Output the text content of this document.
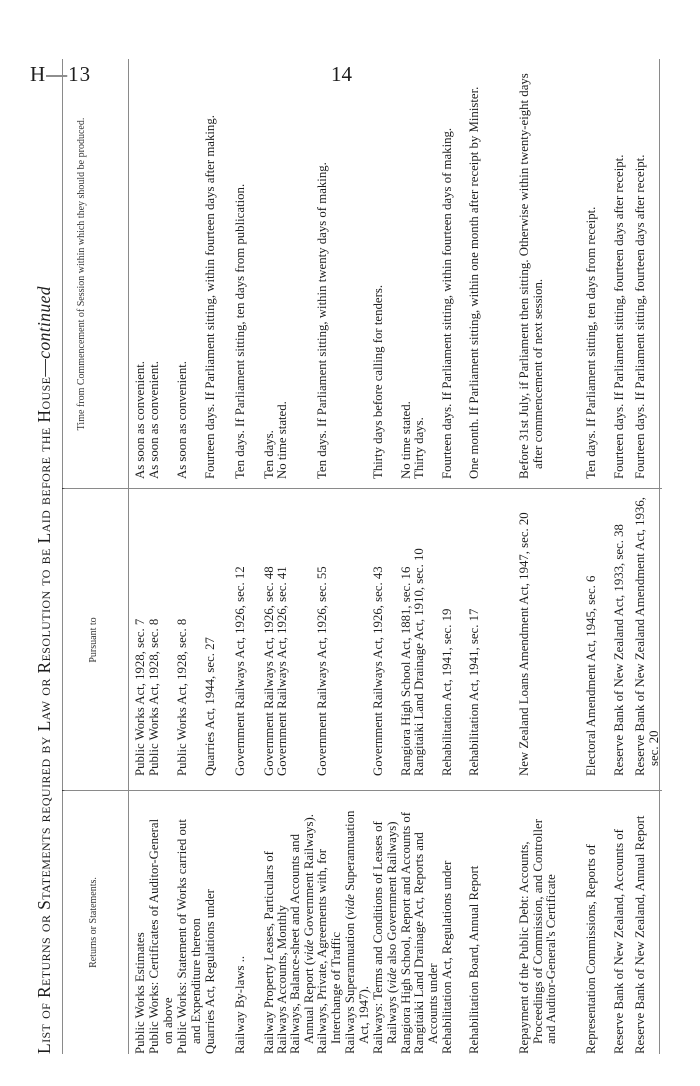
H—13	14
List of Returns or Statements required by Law or Resolution to be Laid before the House—continued
Returns or Statements.
Pursuant to
Time from Commencement of Session within which they should be produced.
Public Works Estimates
Public Works Act, 1928, sec. 7
As soon as convenient.
Public Works: Certificates of Auditor-General on above
Public Works Act, 1928, sec. 8
As soon as convenient.
Public Works: Statement of Works carried out and Expenditure thereon
Public Works Act, 1928, sec. 8
As soon as convenient.
Quarries Act, Regulations under
Quarries Act, 1944, sec. 27
Fourteen days. If Parliament sitting, within fourteen days after making.
Railway By-laws ..
Government Railways Act, 1926, sec. 12
Ten days. If Parliament sitting, ten days from publication.
Railway Property Leases, Particulars of
Government Railways Act, 1926, sec. 48
Ten days.
Railways Accounts, Monthly
Government Railways Act, 1926, sec. 41
No time stated.
Railways, Balance-sheet and Accounts and Annual Report (vide Government Railways). Railways, Private, Agreements with, for Interchange of Traffic
Government Railways Act, 1926, sec. 55
Ten days. If Parliament sitting, within twenty days of making.
Railways Superannuation (vide Superannuation Act, 1947). Railways: Terms and Conditions of Leases of Railways (vide also Government Railways)
Government Railways Act, 1926, sec. 43
Thirty days before calling for tenders.
Rangiora High School, Report and Accounts of
Rangiora High School Act, 1881, sec. 16
No time stated.
Rangitaiki Land Drainage Act, Reports and Accounts under
Rangitaiki Land Drainage Act, 1910, sec. 10
Thirty days.
Rehabilitation Act, Regulations under
Rehabilitation Act, 1941, sec. 19
Fourteen days. If Parliament sitting, within fourteen days of making.
Rehabilitation Board, Annual Report
Rehabilitation Act, 1941, sec. 17
One month. If Parliament sitting, within one month after receipt by Minister.
Repayment of the Public Debt: Accounts, Proceedings of Commission, and Controller and Auditor-General's Certificate
New Zealand Loans Amendment Act, 1947, sec. 20
Before 31st July, if Parliament then sitting. Otherwise within twenty-eight days after commencement of next session.
Representation Commissions, Reports of
Electoral Amendment Act, 1945, sec. 6
Ten days. If Parliament sitting, ten days from receipt.
Reserve Bank of New Zealand, Accounts of
Reserve Bank of New Zealand Act, 1933, sec. 38
Fourteen days. If Parliament sitting, fourteen days after receipt.
Reserve Bank of New Zealand, Annual Report
Reserve Bank of New Zealand Amendment Act, 1936, sec. 20
Fourteen days. If Parliament sitting, fourteen days after receipt.
